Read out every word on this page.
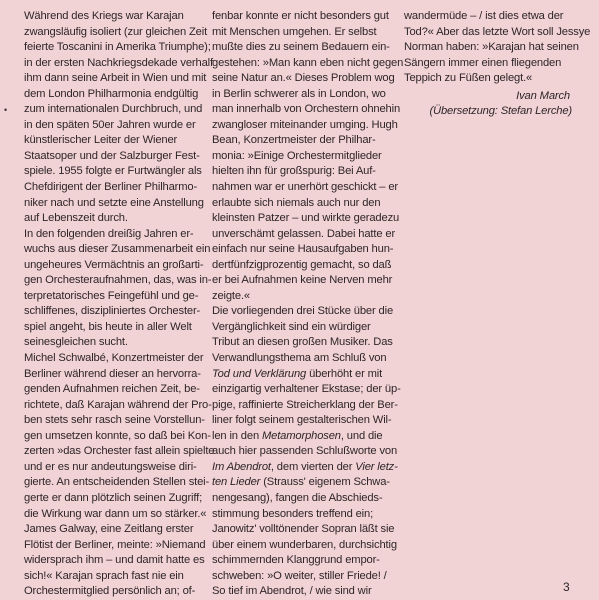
•
Während des Kriegs war Karajan
zwangsläufig isoliert (zur gleichen Zeit
feierte Toscanini in Amerika Triumphe);
in der ersten Nachkriegsdekade verhalf
ihm dann seine Arbeit in Wien und mit
dem London Philharmonia endgültig
zum internationalen Durchbruch, und
in den späten 50er Jahren wurde er
künstlerischer Leiter der Wiener
Staatsoper und der Salzburger Fest-
spiele. 1955 folgte er Furtwängler als
Chefdirigent der Berliner Philharmo-
niker nach und setzte eine Anstellung
auf Lebenszeit durch.
In den folgenden dreißig Jahren er-
wuchs aus dieser Zusammenarbeit ein
ungeheures Vermächtnis an großarti-
gen Orchesteraufnahmen, das, was in-
terpretatorisches Feingefühl und ge-
schliffenes, diszipliniertes Orchester-
spiel angeht, bis heute in aller Welt
seinesgleichen sucht.
Michel Schwalbé, Konzertmeister der
Berliner während dieser an hervorra-
genden Aufnahmen reichen Zeit, be-
richtete, daß Karajan während der Pro-
ben stets sehr rasch seine Vorstellun-
gen umsetzen konnte, so daß bei Kon-
zerten »das Orchester fast allein spielte
und er es nur andeutungsweise diri-
gierte. An entscheidenden Stellen stei-
gerte er dann plötzlich seinen Zugriff;
die Wirkung war dann um so stärker.«
James Galway, eine Zeitlang erster
Flötist der Berliner, meinte: »Niemand
widersprach ihm – und damit hatte es
sich!« Karajan sprach fast nie ein
Orchestermitglied persönlich an; of-
fenbar konnte er nicht besonders gut
mit Menschen umgehen. Er selbst
mußte dies zu seinem Bedauern ein-
gestehen: »Man kann eben nicht gegen
seine Natur an.« Dieses Problem wog
in Berlin schwerer als in London, wo
man innerhalb von Orchestern ohnehin
zwangloser miteinander umging. Hugh
Bean, Konzertmeister der Philhar-
monia: »Einige Orchestermitglieder
hielten ihn für großspurig: Bei Auf-
nahmen war er unerhört geschickt – er
erlaubte sich niemals auch nur den
kleinsten Patzer – und wirkte geradezu
unverschämt gelassen. Dabei hatte er
einfach nur seine Hausaufgaben hun-
dertfünfzigprozentig gemacht, so daß
er bei Aufnahmen keine Nerven mehr
zeigte.«
Die vorliegenden drei Stücke über die
Vergänglichkeit sind ein würdiger
Tribut an diesen großen Musiker. Das
Verwandlungsthema am Schluß von
Tod und Verklärung überhöht er mit
einzigartig verhaltener Ekstase; der üp-
pige, raffinierte Streicherklang der Ber-
liner folgt seinem gestalterischen Wil-
len in den Metamorphosen, und die
auch hier passenden Schlußworte von
Im Abendrot, dem vierten der Vier letz-
ten Lieder (Strauss' eigenem Schwa-
nengesang), fangen die Abschieds-
stimmung besonders treffend ein;
Janowitz' volltönender Sopran läßt sie
über einem wunderbaren, durchsichtig
schimmernden Klanggrund empor-
schweben: »O weiter, stiller Friede! /
So tief im Abendrot, / wie sind wir
wandermüde – / ist dies etwa der
Tod?« Aber das letzte Wort soll Jessye
Norman haben: »Karajan hat seinen
Sängern immer einen fliegenden
Teppich zu Füßen gelegt.«
Ivan March
(Übersetzung: Stefan Lerche)
3
